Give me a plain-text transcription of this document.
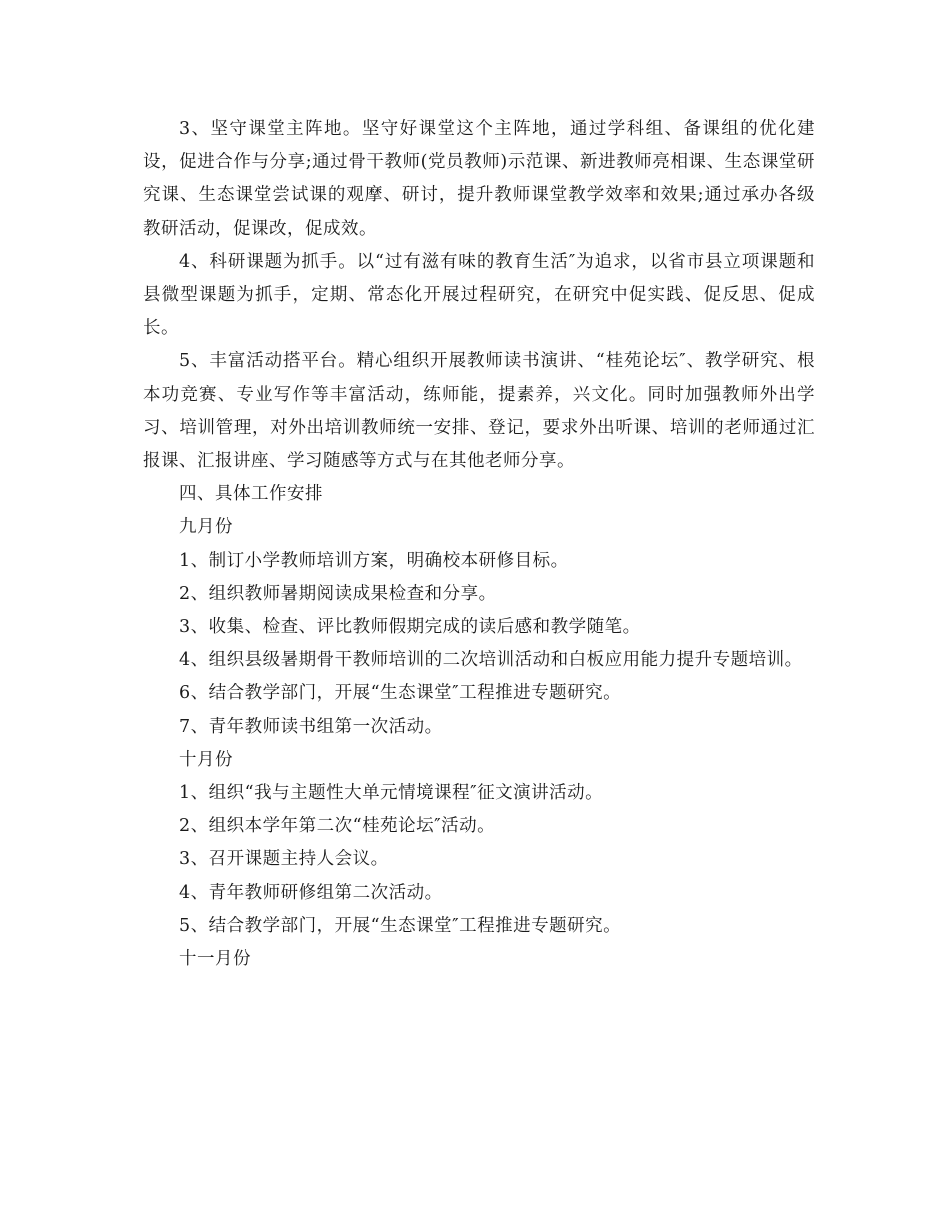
3、坚守课堂主阵地。坚守好课堂这个主阵地，通过学科组、备课组的优化建设，促进合作与分享;通过骨干教师(党员教师)示范课、新进教师亮相课、生态课堂研究课、生态课堂尝试课的观摩、研讨，提升教师课堂教学效率和效果;通过承办各级教研活动，促课改，促成效。

4、科研课题为抓手。以“过有滋有味的教育生活″为追求，以省市县立项课题和县微型课题为抓手，定期、常态化开展过程研究，在研究中促实践、促反思、促成长。

5、丰富活动搭平台。精心组织开展教师读书演讲、“桂苑论坛″、教学研究、根本功竞赛、专业写作等丰富活动，练师能，提素养，兴文化。同时加强教师外出学习、培训管理，对外出培训教师统一安排、登记，要求外出听课、培训的老师通过汇报课、汇报讲座、学习随感等方式与在其他老师分享。

四、具体工作安排

九月份

1、制订小学教师培训方案，明确校本研修目标。

2、组织教师暑期阅读成果检查和分享。

3、收集、检查、评比教师假期完成的读后感和教学随笔。

4、组织县级暑期骨干教师培训的二次培训活动和白板应用能力提升专题培训。

6、结合教学部门，开展“生态课堂″工程推进专题研究。

7、青年教师读书组第一次活动。

十月份

1、组织“我与主题性大单元情境课程″征文演讲活动。

2、组织本学年第二次“桂苑论坛″活动。

3、召开课题主持人会议。

4、青年教师研修组第二次活动。

5、结合教学部门，开展“生态课堂″工程推进专题研究。

十一月份
